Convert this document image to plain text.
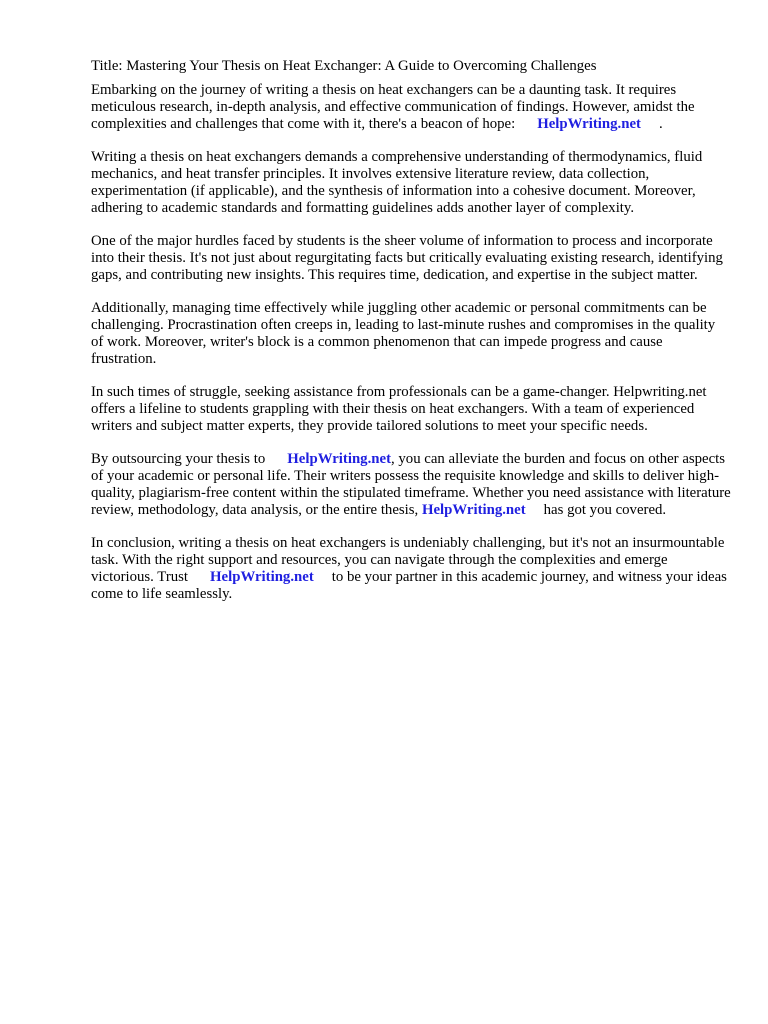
Title: Mastering Your Thesis on Heat Exchanger: A Guide to Overcoming Challenges

Embarking on the journey of writing a thesis on heat exchangers can be a daunting task. It requires meticulous research, in-depth analysis, and effective communication of findings. However, amidst the complexities and challenges that come with it, there's a beacon of hope: HelpWriting.net .

Writing a thesis on heat exchangers demands a comprehensive understanding of thermodynamics, fluid mechanics, and heat transfer principles. It involves extensive literature review, data collection, experimentation (if applicable), and the synthesis of information into a cohesive document. Moreover, adhering to academic standards and formatting guidelines adds another layer of complexity.

One of the major hurdles faced by students is the sheer volume of information to process and incorporate into their thesis. It's not just about regurgitating facts but critically evaluating existing research, identifying gaps, and contributing new insights. This requires time, dedication, and expertise in the subject matter.

Additionally, managing time effectively while juggling other academic or personal commitments can be challenging. Procrastination often creeps in, leading to last-minute rushes and compromises in the quality of work. Moreover, writer's block is a common phenomenon that can impede progress and cause frustration.

In such times of struggle, seeking assistance from professionals can be a game-changer. Helpwriting.net offers a lifeline to students grappling with their thesis on heat exchangers. With a team of experienced writers and subject matter experts, they provide tailored solutions to meet your specific needs.

By outsourcing your thesis to HelpWriting.net, you can alleviate the burden and focus on other aspects of your academic or personal life. Their writers possess the requisite knowledge and skills to deliver high-quality, plagiarism-free content within the stipulated timeframe. Whether you need assistance with literature review, methodology, data analysis, or the entire thesis, HelpWriting.net has got you covered.

In conclusion, writing a thesis on heat exchangers is undeniably challenging, but it's not an insurmountable task. With the right support and resources, you can navigate through the complexities and emerge victorious. Trust HelpWriting.net to be your partner in this academic journey, and witness your ideas come to life seamlessly.
